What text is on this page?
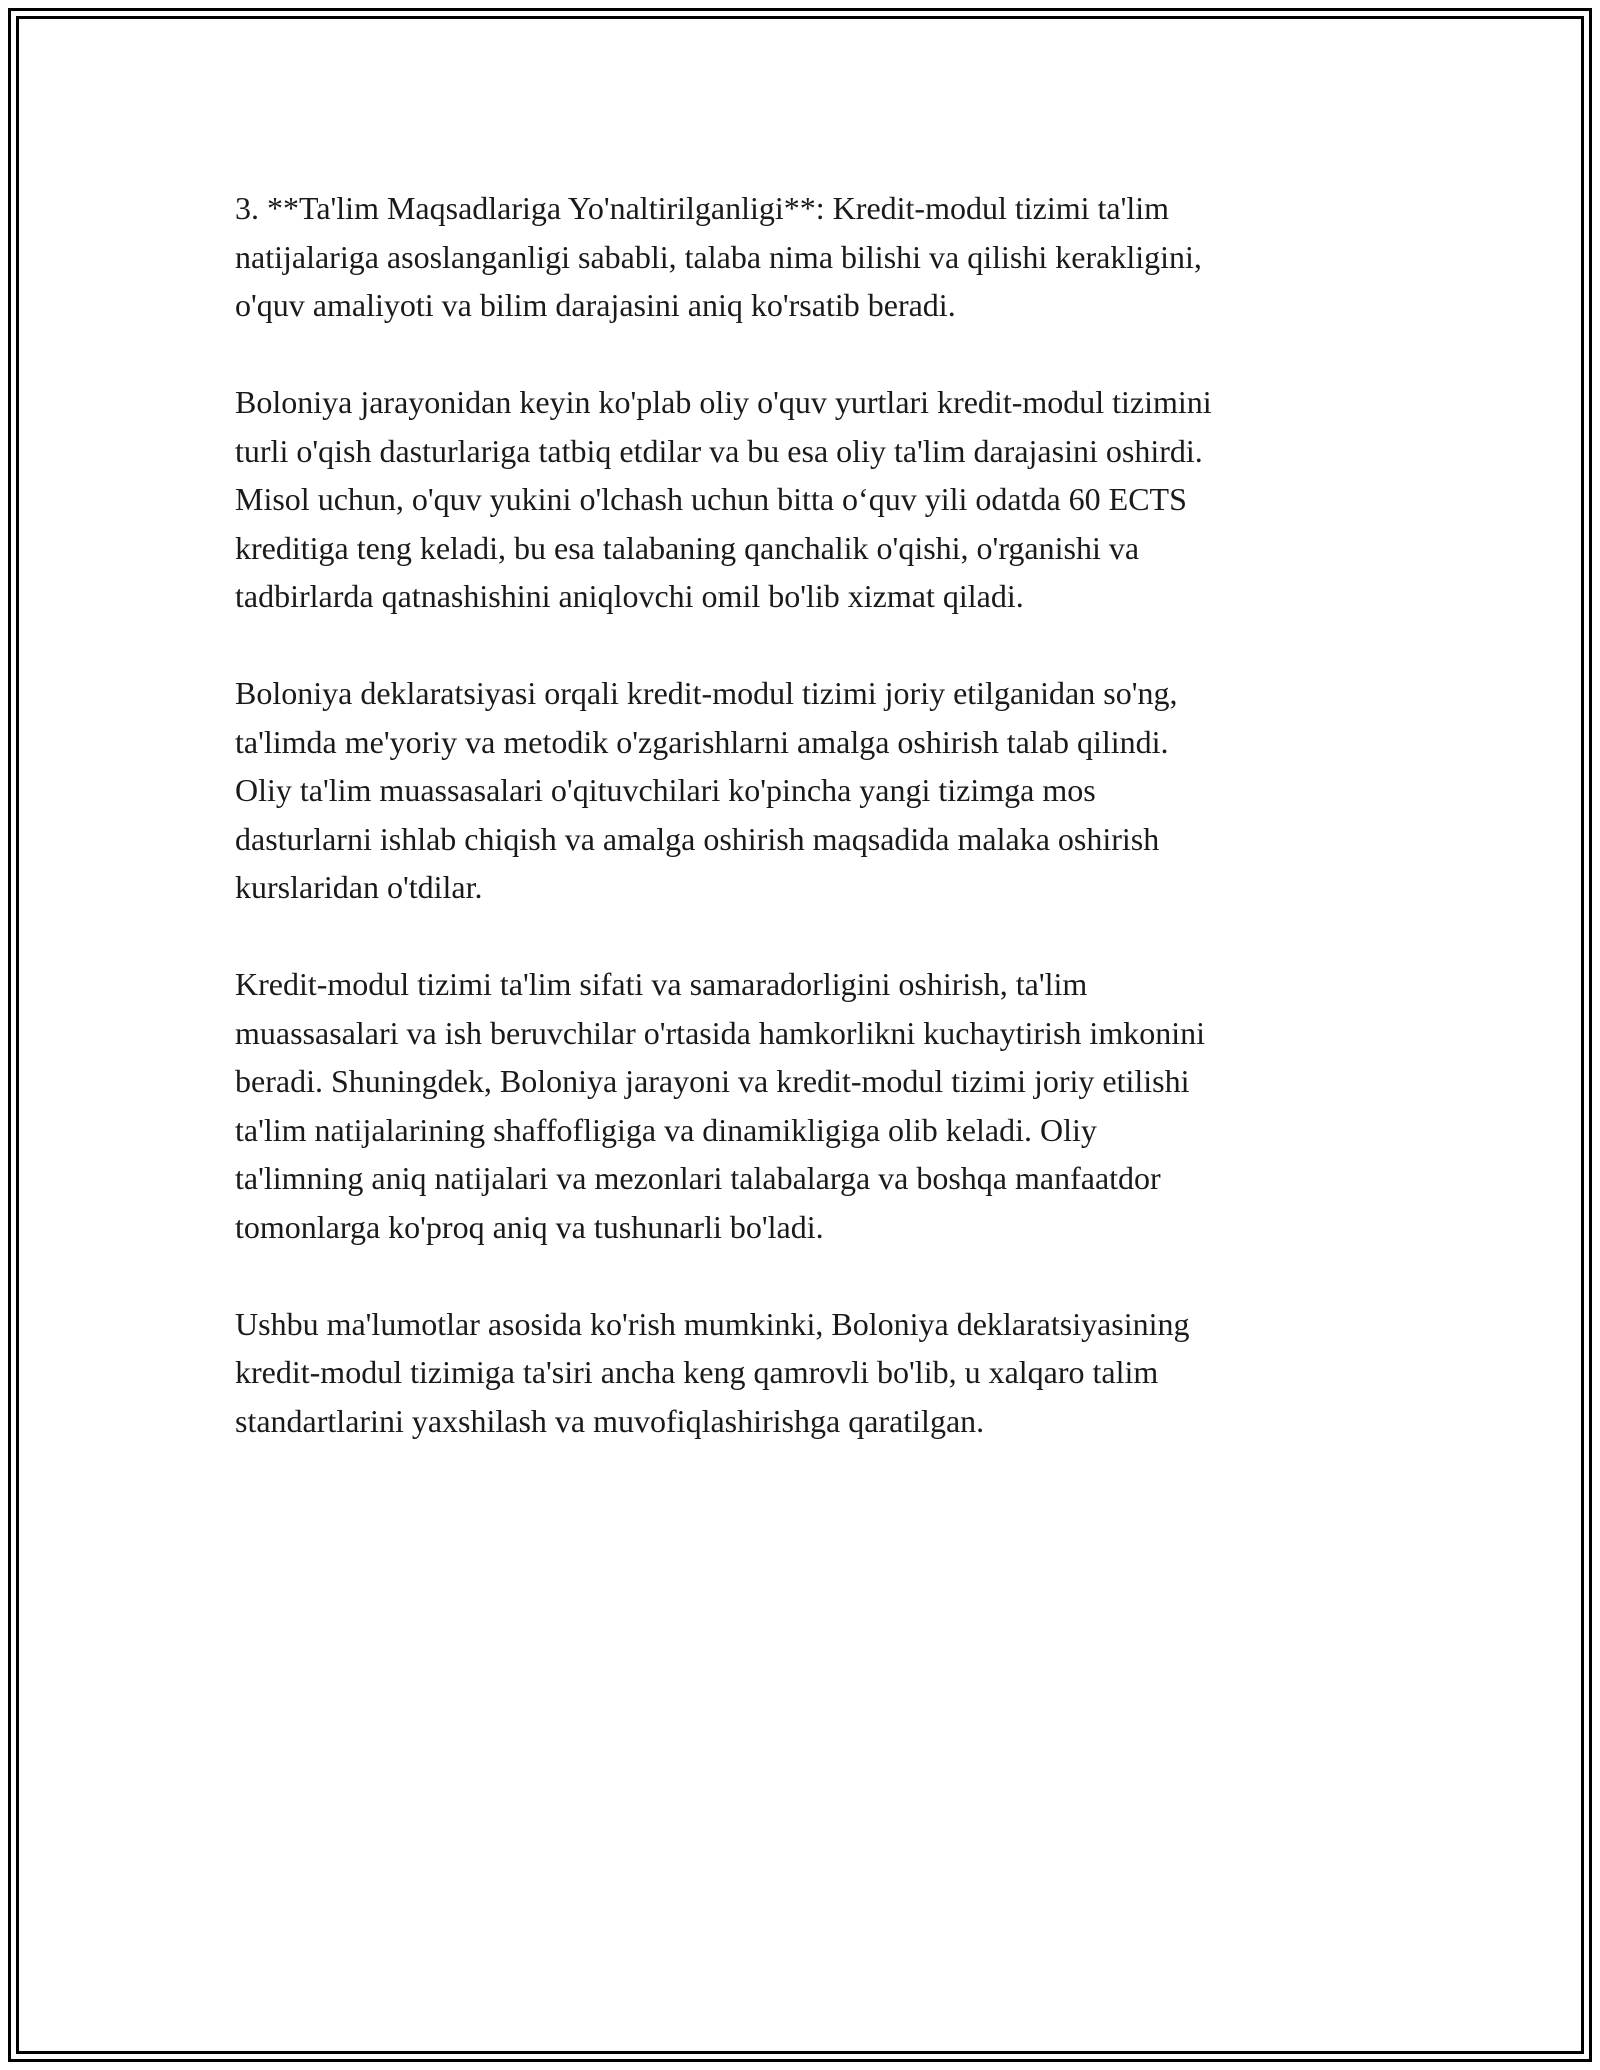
3. **Ta'lim Maqsadlariga Yo'naltirilganligi**: Kredit-modul tizimi ta'lim
natijalariga asoslanganligi sababli, talaba nima bilishi va qilishi kerakligini,
o'quv amaliyoti va bilim darajasini aniq ko'rsatib beradi.

Boloniya jarayonidan keyin ko'plab oliy o'quv yurtlari kredit-modul tizimini
turli o'qish dasturlariga tatbiq etdilar va bu esa oliy ta'lim darajasini oshirdi.
Misol uchun, o'quv yukini o'lchash uchun bitta o‘quv yili odatda 60 ECTS
kreditiga teng keladi, bu esa talabaning qanchalik o'qishi, o'rganishi va
tadbirlarda qatnashishini aniqlovchi omil bo'lib xizmat qiladi.

Boloniya deklaratsiyasi orqali kredit-modul tizimi joriy etilganidan so'ng,
ta'limda me'yoriy va metodik o'zgarishlarni amalga oshirish talab qilindi.
Oliy ta'lim muassasalari o'qituvchilari ko'pincha yangi tizimga mos
dasturlarni ishlab chiqish va amalga oshirish maqsadida malaka oshirish
kurslaridan o'tdilar.

Kredit-modul tizimi ta'lim sifati va samaradorligini oshirish, ta'lim
muassasalari va ish beruvchilar o'rtasida hamkorlikni kuchaytirish imkonini
beradi. Shuningdek, Boloniya jarayoni va kredit-modul tizimi joriy etilishi
ta'lim natijalarining shaffofligiga va dinamikligiga olib keladi. Oliy
ta'limning aniq natijalari va mezonlari talabalarga va boshqa manfaatdor
tomonlarga ko'proq aniq va tushunarli bo'ladi.

Ushbu ma'lumotlar asosida ko'rish mumkinki, Boloniya deklaratsiyasining
kredit-modul tizimiga ta'siri ancha keng qamrovli bo'lib, u xalqaro talim
standartlarini yaxshilash va muvofiqlashirishga qaratilgan.
